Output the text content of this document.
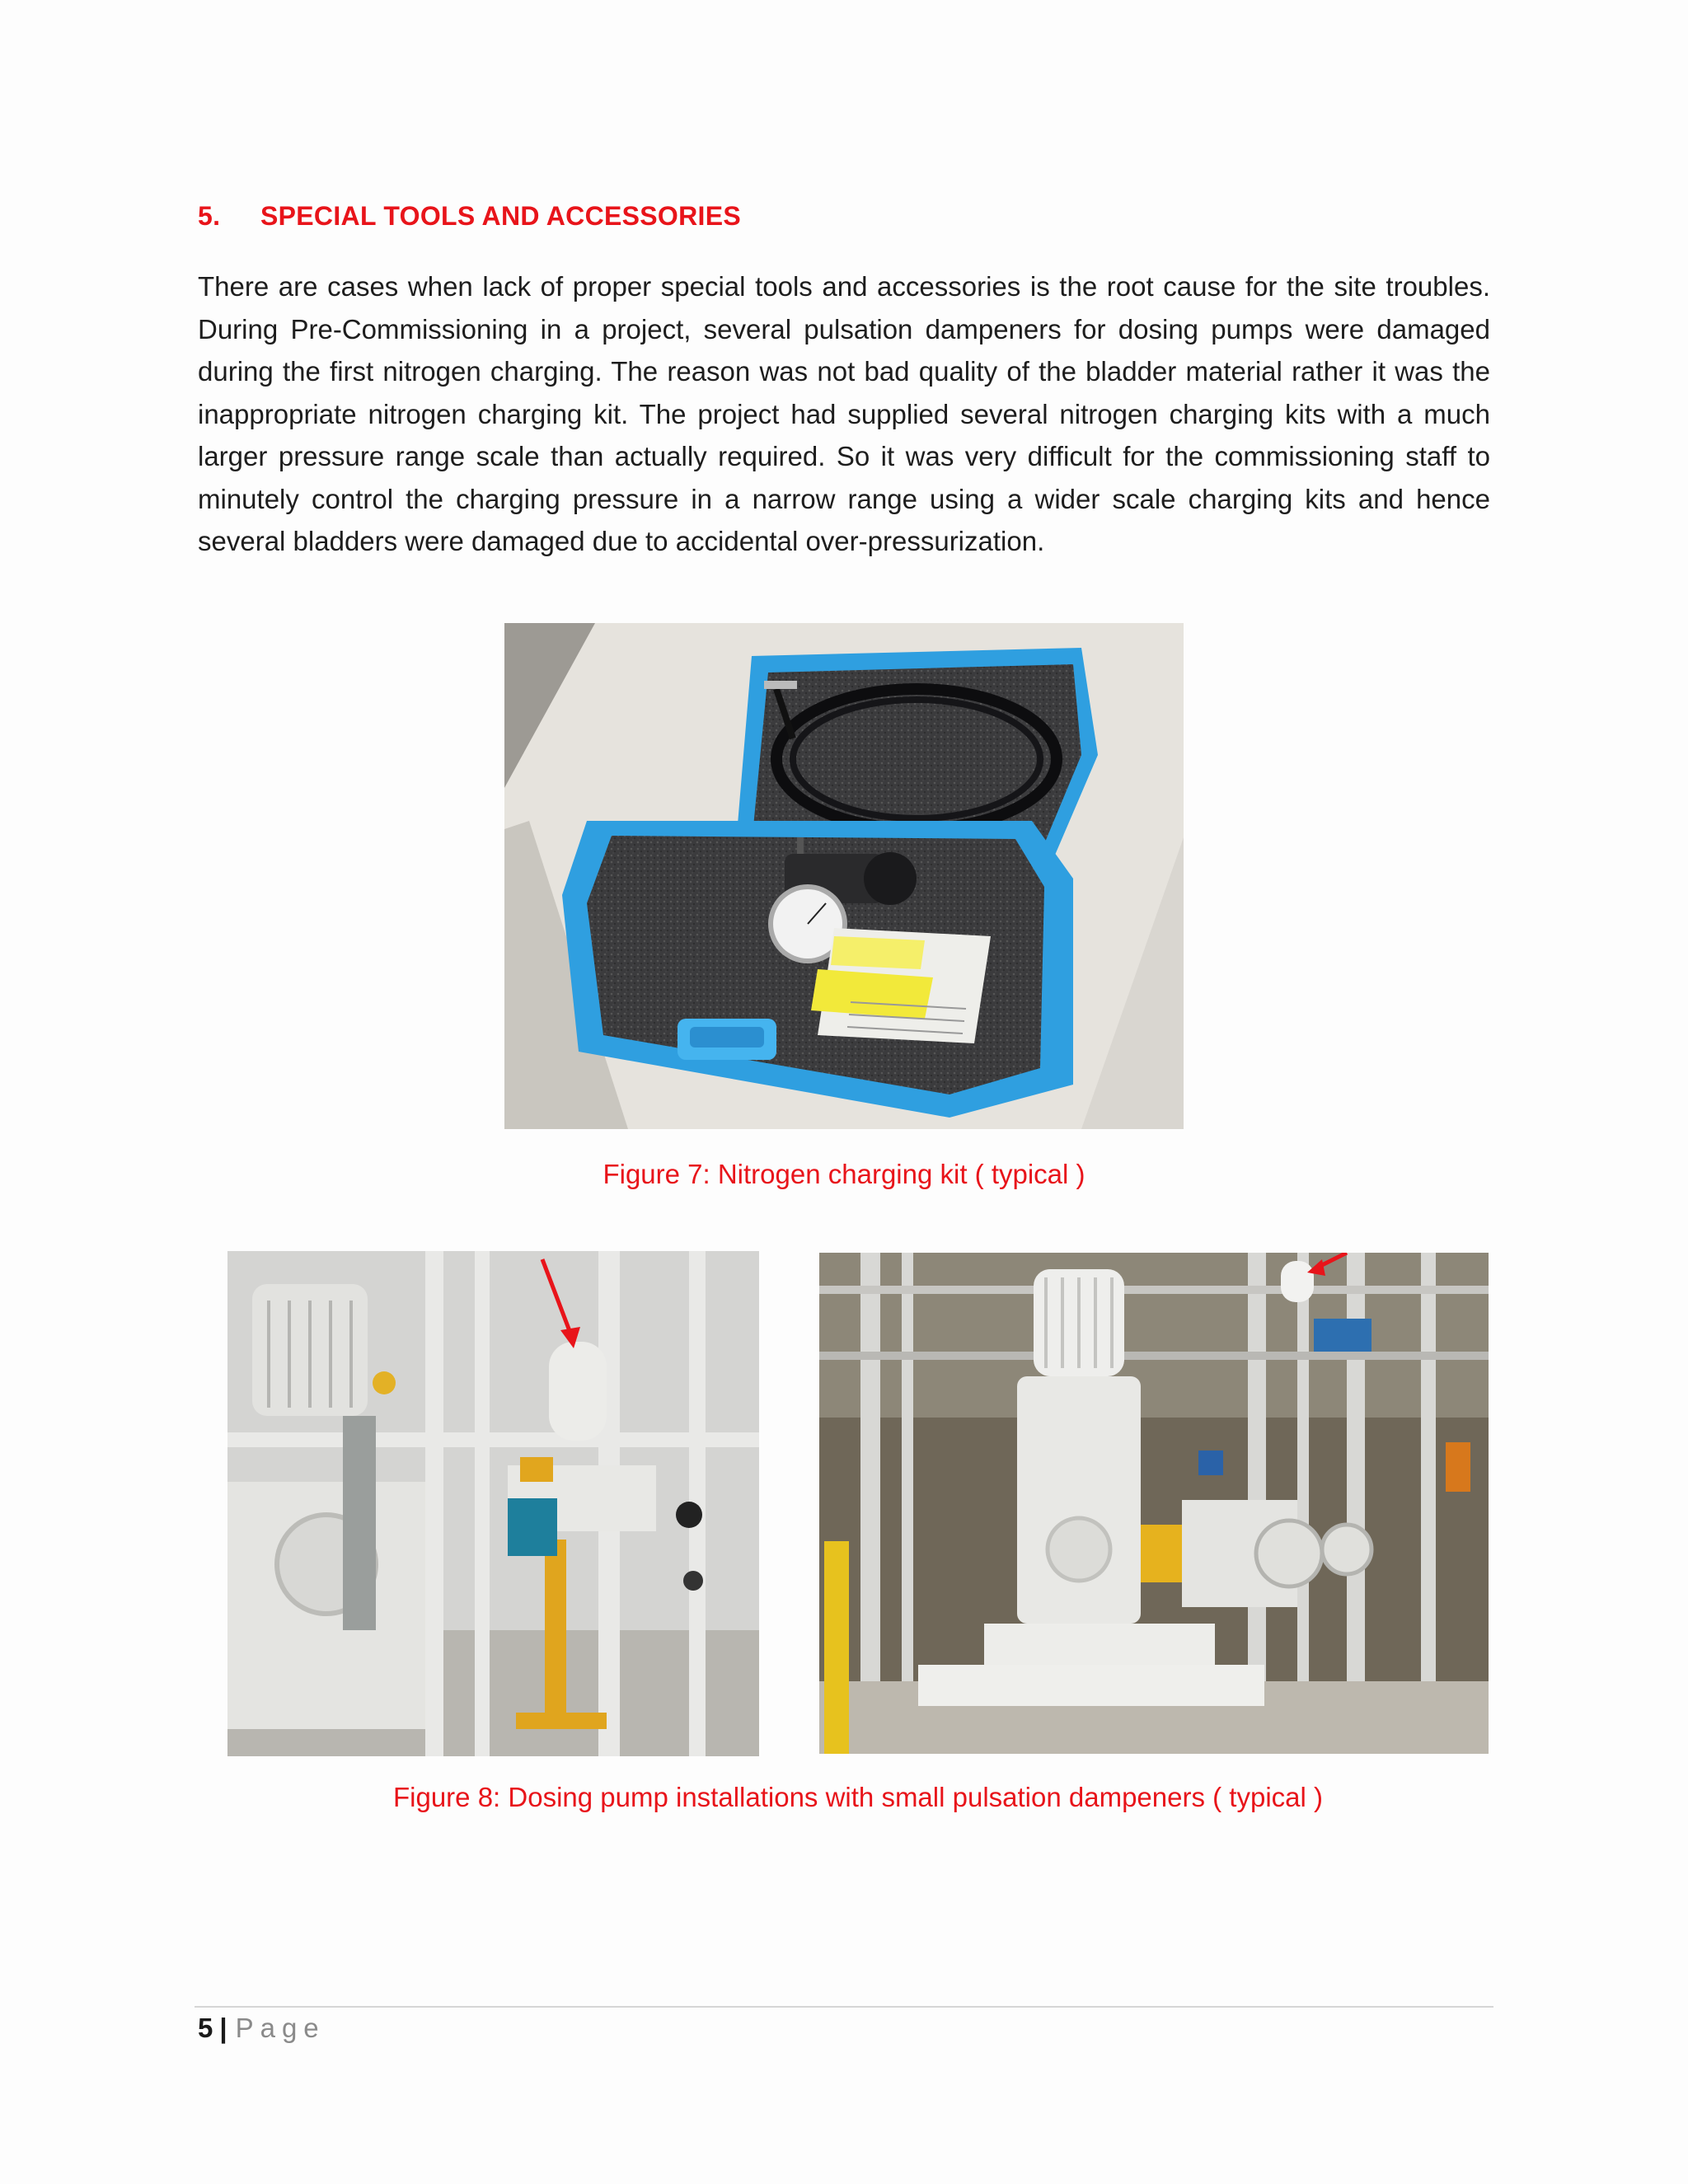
5. SPECIAL TOOLS AND ACCESSORIES

There are cases when lack of proper special tools and accessories is the root cause for the site troubles. During Pre-Commissioning in a project, several pulsation dampeners for dosing pumps were damaged during the first nitrogen charging. The reason was not bad quality of the bladder material rather it was the inappropriate nitrogen charging kit. The project had supplied several nitrogen charging kits with a much larger pressure range scale than actually required. So it was very difficult for the commissioning staff to minutely control the charging pressure in a narrow range using a wider scale charging kits and hence several bladders were damaged due to accidental over-pressurization.

Figure 7: Nitrogen charging kit ( typical )
Figure 8: Dosing pump installations with small pulsation dampeners ( typical )
5 | Page
